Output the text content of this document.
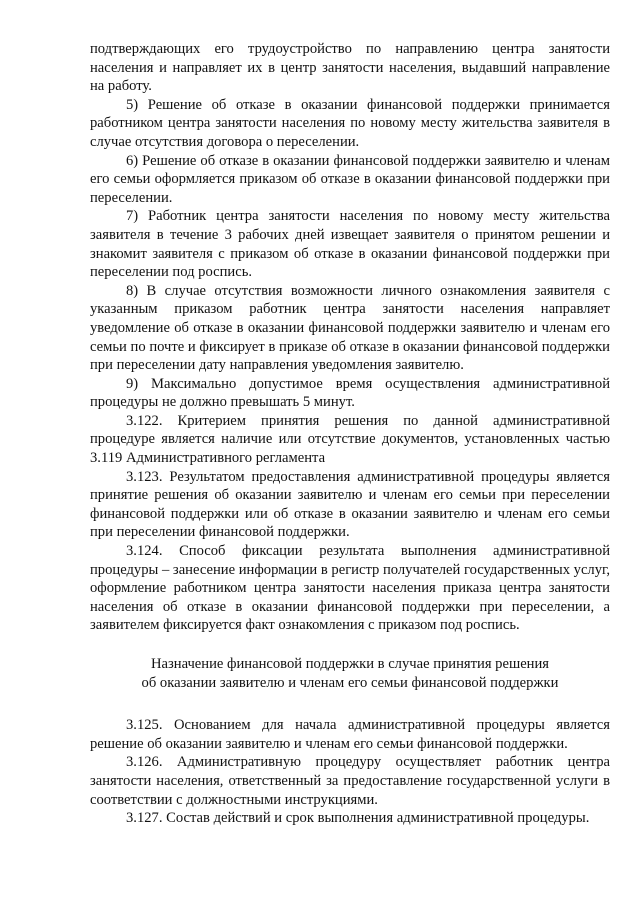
подтверждающих его трудоустройство по направлению центра занятости населения и направляет их в центр занятости населения, выдавший направление на работу.

5) Решение об отказе в оказании финансовой поддержки принимается работником центра занятости населения по новому месту жительства заявителя в случае отсутствия договора о переселении.

6) Решение об отказе в оказании финансовой поддержки заявителю и членам его семьи оформляется приказом об отказе в оказании финансовой поддержки при переселении.

7) Работник центра занятости населения по новому месту жительства заявителя в течение 3 рабочих дней извещает заявителя о принятом решении и знакомит заявителя с приказом об отказе в оказании финансовой поддержки при переселении под роспись.

8) В случае отсутствия возможности личного ознакомления заявителя с указанным приказом работник центра занятости населения направляет уведомление об отказе в оказании финансовой поддержки заявителю и членам его семьи по почте и фиксирует в приказе об отказе в оказании финансовой поддержки при переселении дату направления уведомления заявителю.

9) Максимально допустимое время осуществления административной процедуры не должно превышать 5 минут.

3.122. Критерием принятия решения по данной административной процедуре является наличие или отсутствие документов, установленных частью 3.119 Административного регламента

3.123. Результатом предоставления административной процедуры является принятие решения об оказании заявителю и членам его семьи при переселении финансовой поддержки или об отказе в оказании заявителю и членам его семьи при переселении финансовой поддержки.

3.124. Способ фиксации результата выполнения административной процедуры – занесение информации в регистр получателей государственных услуг, оформление работником центра занятости населения приказа центра занятости населения об отказе в оказании финансовой поддержки при переселении, а заявителем фиксируется факт ознакомления с приказом под роспись.

Назначение финансовой поддержки в случае принятия решения
об оказании заявителю и членам его семьи финансовой поддержки

3.125. Основанием для начала административной процедуры является решение об оказании заявителю и членам его семьи финансовой поддержки.

3.126. Административную процедуру осуществляет работник центра занятости населения, ответственный за предоставление государственной услуги в соответствии с должностными инструкциями.

3.127. Состав действий и срок выполнения административной процедуры.
